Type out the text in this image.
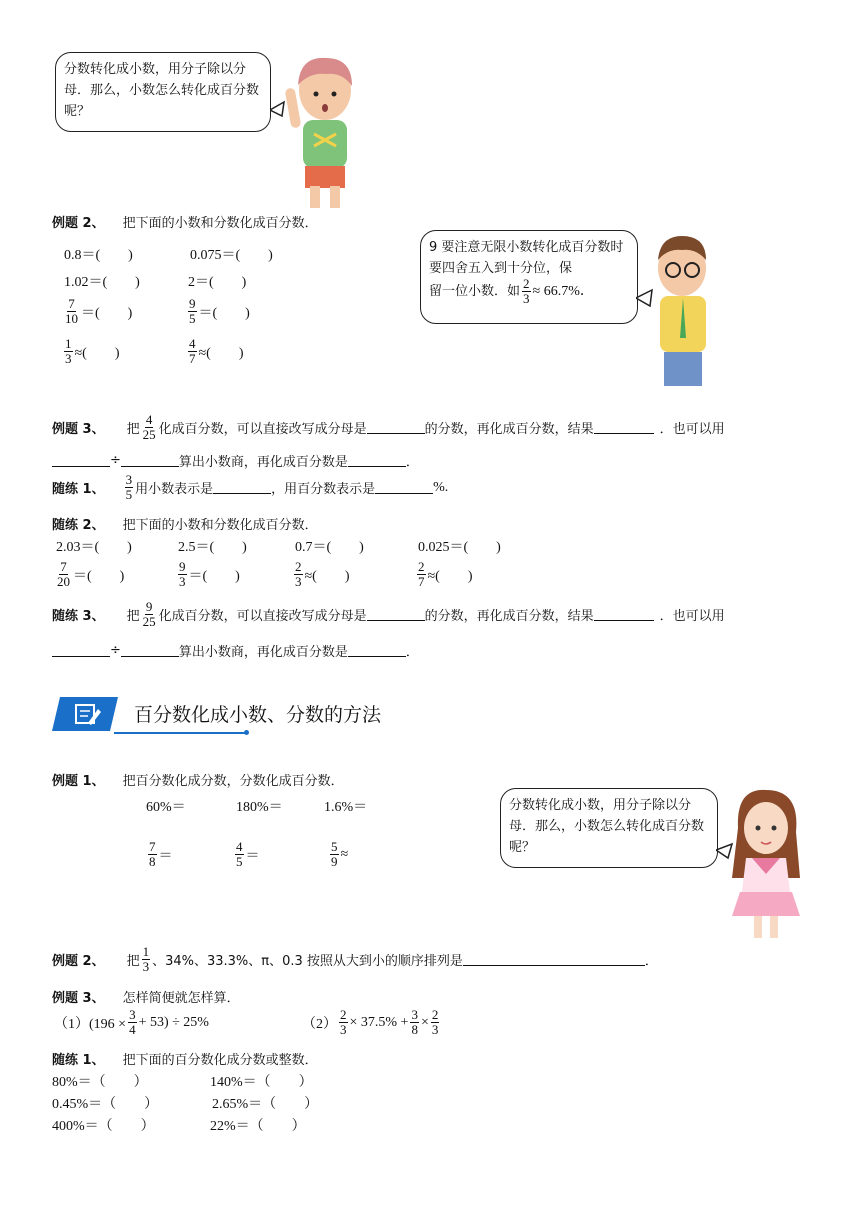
分数转化成小数，用分子除以分母．那么，小数怎么转化成百分数呢？
例题 2、 把下面的小数和分数化成百分数．
0.8＝(　　)	0.075＝(　　)
1.02＝(　　)	2＝(　　)
$\frac{7}{10}$ ＝(　　)	$\frac{9}{5}$ ＝(　　)
$\frac{1}{3}$ ≈(　　)	$\frac{4}{7}$ ≈(　　)
9 要注意无限小数转化成百分数时要四舍五入到十分位，保
留一位小数．如 $\frac{2}{3} \approx 66.7\%$．
例题 3、 把 $\frac{4}{25}$ 化成百分数，可以直接改写成分母是	的分数，再化成百分数，结果	．也可以用
÷	算出小数商，再化成百分数是	．
随练 1、 $\frac{3}{5}$ 用小数表示是	，用百分数表示是	%.
随练 2、 把下面的小数和分数化成百分数．
2.03＝(　　)	2.5＝(　　)	0.7＝(　　)	0.025＝(　　)
$\frac{7}{20}$ ＝(　　)	$\frac{9}{3}$ ＝(　　)	$\frac{2}{3}$ ≈(　　)	$\frac{2}{7}$ ≈(　　)
随练 3、 把 $\frac{9}{25}$ 化成百分数，可以直接改写成分母是	的分数，再化成百分数，结果	．也可以用
÷	算出小数商，再化成百分数是	．
百分数化成小数、分数的方法
例题 1、 把百分数化成分数，分数化成百分数．
60%＝	180%＝	1.6%＝
$\frac{7}{8}$ ＝	$\frac{4}{5}$ ＝	$\frac{5}{9}$ ≈
分数转化成小数，用分子除以分母．那么，小数怎么转化成百分数呢？
例题 2、 把 $\frac{1}{3}$ 、34%、33.3%、π、0.3 按照从大到小的顺序排列是	．
例题 3、 怎样简便就怎样算．
$(1)(196 \times \frac{3}{4} + 53) \div 25\%$	$(2) \frac{2}{3} \times 37.5\% + \frac{3}{8} \times \frac{2}{3}$
随练 1、 把下面的百分数化成分数或整数．
80%＝（　　）	140%＝（　　）
0.45%＝（　　）	2.65%＝（　　）
400%＝（　　）	22%＝（　　）
